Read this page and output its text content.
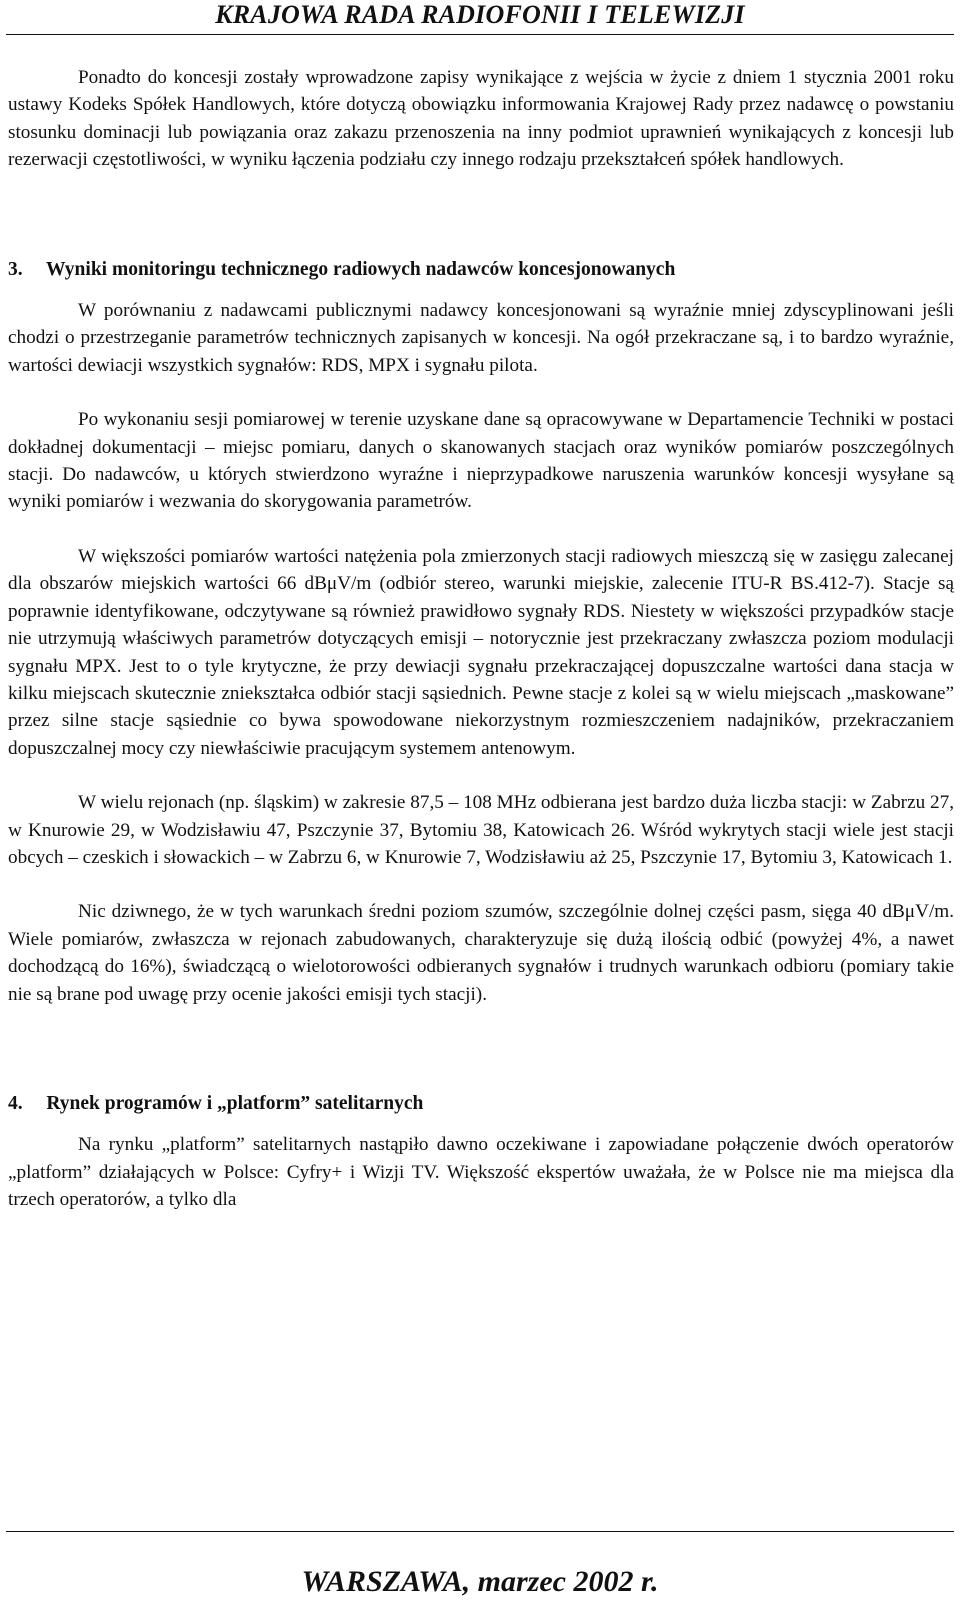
KRAJOWA RADA RADIOFONII I TELEWIZJI

Ponadto do koncesji zostały wprowadzone zapisy wynikające z wejścia w życie z dniem 1 stycznia 2001 roku ustawy Kodeks Spółek Handlowych, które dotyczą obowiązku informowania Krajowej Rady przez nadawcę o powstaniu stosunku dominacji lub powiązania oraz zakazu przenoszenia na inny podmiot uprawnień wynikających z koncesji lub rezerwacji częstotliwości, w wyniku łączenia podziału czy innego rodzaju przekształceń spółek handlowych.

3. Wyniki monitoringu technicznego radiowych nadawców koncesjonowanych

W porównaniu z nadawcami publicznymi nadawcy koncesjonowani są wyraźnie mniej zdyscyplinowani jeśli chodzi o przestrzeganie parametrów technicznych zapisanych w koncesji. Na ogół przekraczane są, i to bardzo wyraźnie, wartości dewiacji wszystkich sygnałów: RDS, MPX i sygnału pilota.

Po wykonaniu sesji pomiarowej w terenie uzyskane dane są opracowywane w Departamencie Techniki w postaci dokładnej dokumentacji – miejsc pomiaru, danych o skanowanych stacjach oraz wyników pomiarów poszczególnych stacji. Do nadawców, u których stwierdzono wyraźne i nieprzypadkowe naruszenia warunków koncesji wysyłane są wyniki pomiarów i wezwania do skorygowania parametrów.

W większości pomiarów wartości natężenia pola zmierzonych stacji radiowych mieszczą się w zasięgu zalecanej dla obszarów miejskich wartości 66 dBμV/m (odbiór stereo, warunki miejskie, zalecenie ITU-R BS.412-7). Stacje są poprawnie identyfikowane, odczytywane są również prawidłowo sygnały RDS. Niestety w większości przypadków stacje nie utrzymują właściwych parametrów dotyczących emisji – notorycznie jest przekraczany zwłaszcza poziom modulacji sygnału MPX. Jest to o tyle krytyczne, że przy dewiacji sygnału przekraczającej dopuszczalne wartości dana stacja w kilku miejscach skutecznie zniekształca odbiór stacji sąsiednich. Pewne stacje z kolei są w wielu miejscach „maskowane” przez silne stacje sąsiednie co bywa spowodowane niekorzystnym rozmieszczeniem nadajników, przekraczaniem dopuszczalnej mocy czy niewłaściwie pracującym systemem antenowym.

W wielu rejonach (np. śląskim) w zakresie 87,5 – 108 MHz odbierana jest bardzo duża liczba stacji: w Zabrzu 27, w Knurowie 29, w Wodzisławiu 47, Pszczynie 37, Bytomiu 38, Katowicach 26. Wśród wykrytych stacji wiele jest stacji obcych – czeskich i słowackich – w Zabrzu 6, w Knurowie 7, Wodzisławiu aż 25, Pszczynie 17, Bytomiu 3, Katowicach 1.

Nic dziwnego, że w tych warunkach średni poziom szumów, szczególnie dolnej części pasm, sięga 40 dBμV/m. Wiele pomiarów, zwłaszcza w rejonach zabudowanych, charakteryzuje się dużą ilością odbić (powyżej 4%, a nawet dochodzącą do 16%), świadczącą o wielotorowości odbieranych sygnałów i trudnych warunkach odbioru (pomiary takie nie są brane pod uwagę przy ocenie jakości emisji tych stacji).

4. Rynek programów i „platform” satelitarnych

Na rynku „platform” satelitarnych nastąpiło dawno oczekiwane i zapowiadane połączenie dwóch operatorów „platform” działających w Polsce: Cyfry+ i Wizji TV. Większość ekspertów uważała, że w Polsce nie ma miejsca dla trzech operatorów, a tylko dla

WARSZAWA, marzec 2002 r.
